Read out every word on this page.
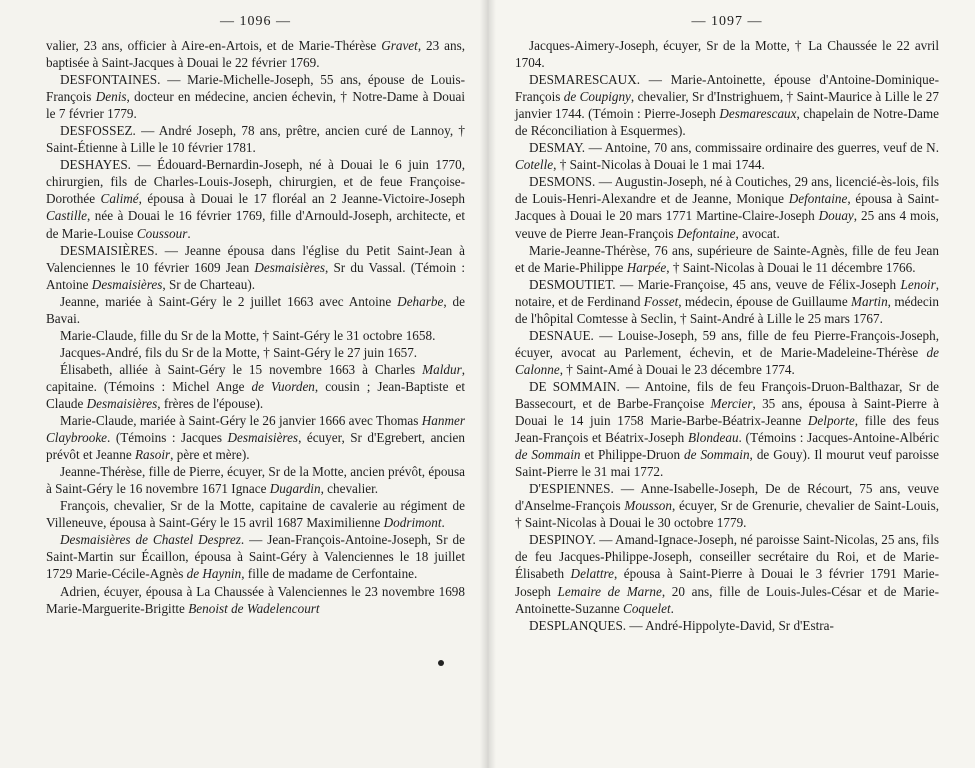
— 1096 —

valier, 23 ans, officier à Aire-en-Artois, et de Marie-Thérèse Gravet, 23 ans, baptisée à Saint-Jacques à Douai le 22 février 1769.

DESFONTAINES. — Marie-Michelle-Joseph, 55 ans, épouse de Louis-François Denis, docteur en médecine, ancien échevin, † Notre-Dame à Douai le 7 février 1779.

DESFOSSEZ. — André Joseph, 78 ans, prêtre, ancien curé de Lannoy, † Saint-Étienne à Lille le 10 février 1781.

DESHAYES. — Édouard-Bernardin-Joseph, né à Douai le 6 juin 1770, chirurgien, fils de Charles-Louis-Joseph, chirurgien, et de feue Françoise-Dorothée Calimé, épousa à Douai le 17 floréal an 2 Jeanne-Victoire-Joseph Castille, née à Douai le 16 février 1769, fille d'Arnould-Joseph, architecte, et de Marie-Louise Coussour.

DESMAISIÈRES. — Jeanne épousa dans l'église du Petit Saint-Jean à Valenciennes le 10 février 1609 Jean Desmaisières, Sr du Vassal. (Témoin : Antoine Desmaisières, Sr de Charteau).

Jeanne, mariée à Saint-Géry le 2 juillet 1663 avec Antoine Deharbe, de Bavai.

Marie-Claude, fille du Sr de la Motte, † Saint-Géry le 31 octobre 1658.

Jacques-André, fils du Sr de la Motte, † Saint-Géry le 27 juin 1657.

Élisabeth, alliée à Saint-Géry le 15 novembre 1663 à Charles Maldur, capitaine. (Témoins : Michel Ange de Vuorden, cousin ; Jean-Baptiste et Claude Desmaisières, frères de l'épouse).

Marie-Claude, mariée à Saint-Géry le 26 janvier 1666 avec Thomas Hanmer Claybrooke. (Témoins : Jacques Desmaisières, écuyer, Sr d'Egrebert, ancien prévôt et Jeanne Rasoir, père et mère).

Jeanne-Thérèse, fille de Pierre, écuyer, Sr de la Motte, ancien prévôt, épousa à Saint-Géry le 16 novembre 1671 Ignace Dugardin, chevalier.

François, chevalier, Sr de la Motte, capitaine de cavalerie au régiment de Villeneuve, épousa à Saint-Géry le 15 avril 1687 Maximilienne Dodrimont.

Desmaisières de Chastel Desprez. — Jean-François-Antoine-Joseph, Sr de Saint-Martin sur Écaillon, épousa à Saint-Géry à Valenciennes le 18 juillet 1729 Marie-Cécile-Agnès de Haynin, fille de madame de Cerfontaine.

Adrien, écuyer, épousa à La Chaussée à Valenciennes le 23 novembre 1698 Marie-Marguerite-Brigitte Benoist de Wadelencourt

— 1097 —

Jacques-Aimery-Joseph, écuyer, Sr de la Motte, † La Chaussée le 22 avril 1704.

DESMARESCAUX. — Marie-Antoinette, épouse d'Antoine-Dominique-François de Coupigny, chevalier, Sr d'Instrighuem, † Saint-Maurice à Lille le 27 janvier 1744. (Témoin : Pierre-Joseph Desmarescaux, chapelain de Notre-Dame de Réconciliation à Esquermes).

DESMAY. — Antoine, 70 ans, commissaire ordinaire des guerres, veuf de N. Cotelle, † Saint-Nicolas à Douai le 1 mai 1744.

DESMONS. — Augustin-Joseph, né à Coutiches, 29 ans, licencié-ès-lois, fils de Louis-Henri-Alexandre et de Jeanne, Monique Defontaine, épousa à Saint-Jacques à Douai le 20 mars 1771 Martine-Claire-Joseph Douay, 25 ans 4 mois, veuve de Pierre Jean-François Defontaine, avocat.

Marie-Jeanne-Thérèse, 76 ans, supérieure de Sainte-Agnès, fille de feu Jean et de Marie-Philippe Harpée, † Saint-Nicolas à Douai le 11 décembre 1766.

DESMOUTIET. — Marie-Françoise, 45 ans, veuve de Félix-Joseph Lenoir, notaire, et de Ferdinand Fosset, médecin, épouse de Guillaume Martin, médecin de l'hôpital Comtesse à Seclin, † Saint-André à Lille le 25 mars 1767.

DESNAUE. — Louise-Joseph, 59 ans, fille de feu Pierre-François-Joseph, écuyer, avocat au Parlement, échevin, et de Marie-Madeleine-Thérèse de Calonne, † Saint-Amé à Douai le 23 décembre 1774.

DE SOMMAIN. — Antoine, fils de feu François-Druon-Balthazar, Sr de Bassecourt, et de Barbe-Françoise Mercier, 35 ans, épousa à Saint-Pierre à Douai le 14 juin 1758 Marie-Barbe-Béatrix-Jeanne Delporte, fille des feus Jean-François et Béatrix-Joseph Blondeau. (Témoins : Jacques-Antoine-Albéric de Sommain et Philippe-Druon de Sommain, de Gouy). Il mourut veuf paroisse Saint-Pierre le 31 mai 1772.

D'ESPIENNES. — Anne-Isabelle-Joseph, De de Récourt, 75 ans, veuve d'Anselme-François Mousson, écuyer, Sr de Grenurie, chevalier de Saint-Louis, † Saint-Nicolas à Douai le 30 octobre 1779.

DESPINOY. — Amand-Ignace-Joseph, né paroisse Saint-Nicolas, 25 ans, fils de feu Jacques-Philippe-Joseph, conseiller secrétaire du Roi, et de Marie-Élisabeth Delattre, épousa à Saint-Pierre à Douai le 3 février 1791 Marie-Joseph Lemaire de Marne, 20 ans, fille de Louis-Jules-César et de Marie-Antoinette-Suzanne Coquelet.

DESPLANQUES. — André-Hippolyte-David, Sr d'Estra-
